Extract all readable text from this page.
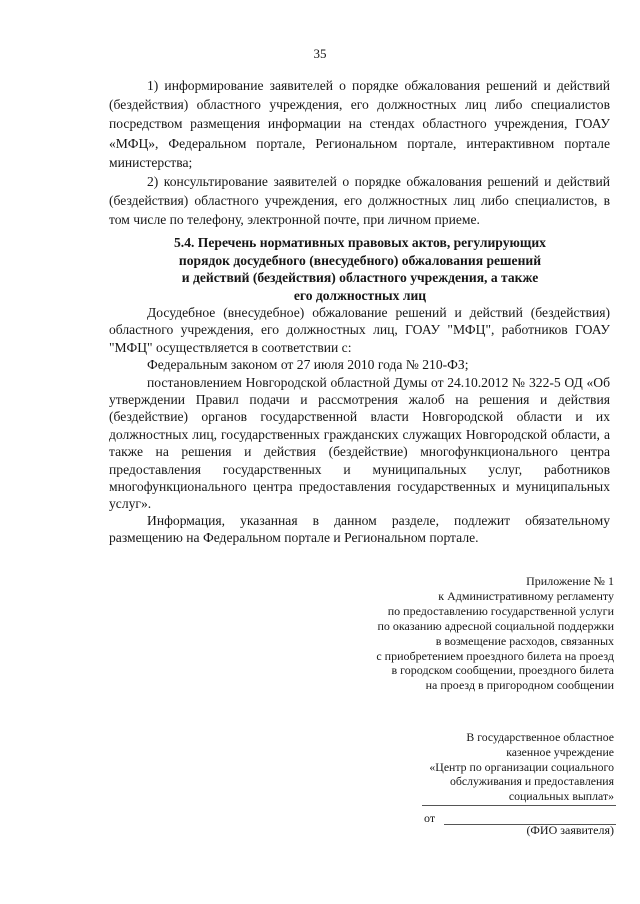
35

1) информирование заявителей о порядке обжалования решений и действий (бездействия) областного учреждения, его должностных лиц либо специалистов посредством размещения информации на стендах областного учреждения, ГОАУ «МФЦ», Федеральном портале, Региональном портале, интерактивном портале министерства;

2) консультирование заявителей о порядке обжалования решений и действий (бездействия) областного учреждения, его должностных лиц либо специалистов, в том числе по телефону, электронной почте, при личном приеме.

5.4. Перечень нормативных правовых актов, регулирующих
порядок досудебного (внесудебного) обжалования решений
и действий (бездействия) областного учреждения, а также
его должностных лиц

Досудебное (внесудебное) обжалование решений и действий (бездействия) областного учреждения, его должностных лиц, ГОАУ "МФЦ", работников ГОАУ "МФЦ" осуществляется в соответствии с:

Федеральным законом от 27 июля 2010 года № 210-ФЗ;

постановлением Новгородской областной Думы от 24.10.2012 № 322-5 ОД «Об утверждении Правил подачи и рассмотрения жалоб на решения и действия (бездействие) органов государственной власти Новгородской области и их должностных лиц, государственных гражданских служащих Новгородской области, а также на решения и действия (бездействие) многофункционального центра предоставления государственных и муниципальных услуг, работников многофункционального центра предоставления государственных и муниципальных услуг».

Информация, указанная в данном разделе, подлежит обязательному размещению на Федеральном портале и Региональном портале.

Приложение № 1
к Административному регламенту
по предоставлению государственной услуги
по оказанию адресной социальной поддержки
в возмещение расходов, связанных
с приобретением проездного билета на проезд
в городском сообщении, проездного билета
на проезд в пригородном сообщении
В государственное областное
казенное учреждение
«Центр по организации социального
обслуживания и предоставления
социальных выплат»
от
(ФИО заявителя)
